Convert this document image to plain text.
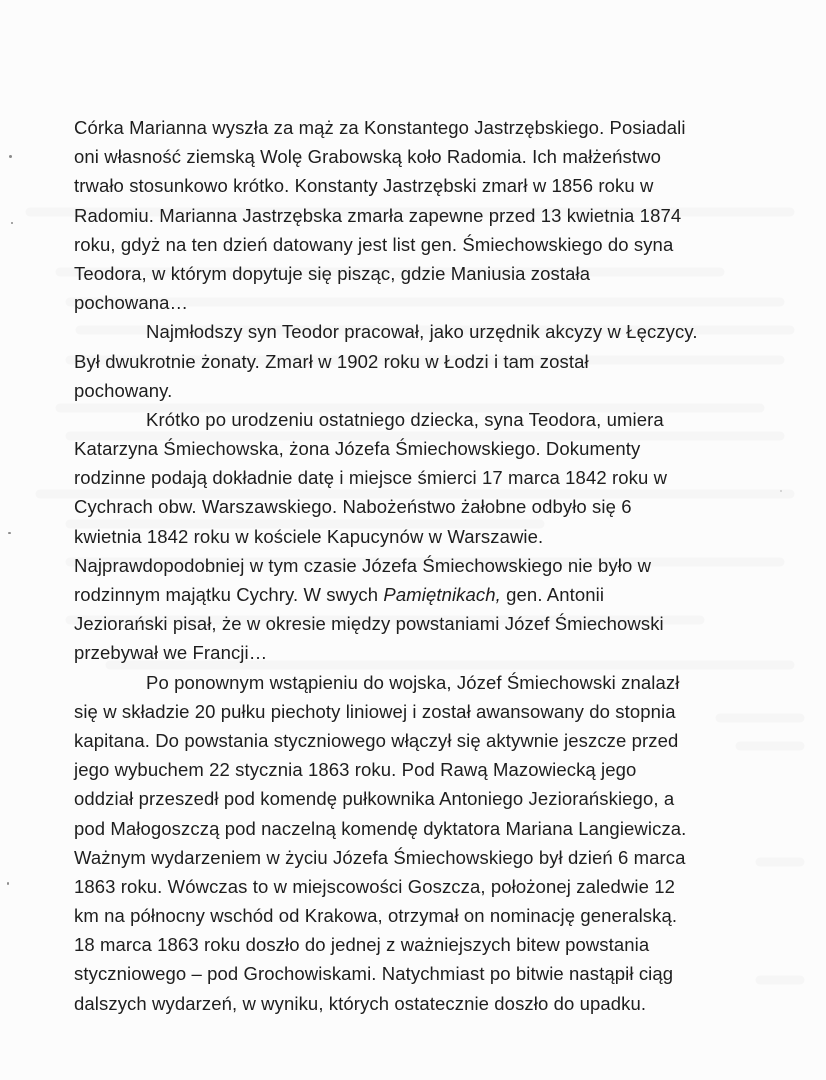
Córka Marianna wyszła za mąż za Konstantego Jastrzębskiego. Posiadali
oni własność ziemską Wolę Grabowską koło Radomia. Ich małżeństwo
trwało stosunkowo krótko. Konstanty Jastrzębski zmarł w 1856 roku w
Radomiu. Marianna Jastrzębska zmarła zapewne przed 13 kwietnia 1874
roku, gdyż na ten dzień datowany jest list gen. Śmiechowskiego do syna
Teodora, w którym dopytuje się pisząc, gdzie Maniusia została
pochowana…
Najmłodszy syn Teodor pracował, jako urzędnik akcyzy w Łęczycy.
Był dwukrotnie żonaty. Zmarł w 1902 roku w Łodzi i tam został
pochowany.
Krótko po urodzeniu ostatniego dziecka, syna Teodora, umiera
Katarzyna Śmiechowska, żona Józefa Śmiechowskiego. Dokumenty
rodzinne podają dokładnie datę i miejsce śmierci 17 marca 1842 roku w
Cychrach obw. Warszawskiego. Nabożeństwo żałobne odbyło się 6
kwietnia 1842 roku w kościele Kapucynów w Warszawie.
Najprawdopodobniej w tym czasie Józefa Śmiechowskiego nie było w
rodzinnym majątku Cychry. W swych Pamiętnikach, gen. Antonii
Jeziorański pisał, że w okresie między powstaniami Józef Śmiechowski
przebywał we Francji…
Po ponownym wstąpieniu do wojska, Józef Śmiechowski znalazł
się w składzie 20 pułku piechoty liniowej i został awansowany do stopnia
kapitana. Do powstania styczniowego włączył się aktywnie jeszcze przed
jego wybuchem 22 stycznia 1863 roku. Pod Rawą Mazowiecką jego
oddział przeszedł pod komendę pułkownika Antoniego Jeziorańskiego, a
pod Małogoszczą pod naczelną komendę dyktatora Mariana Langiewicza.
Ważnym wydarzeniem w życiu Józefa Śmiechowskiego był dzień 6 marca
1863 roku. Wówczas to w miejscowości Goszcza, położonej zaledwie 12
km na północny wschód od Krakowa, otrzymał on nominację generalską.
18 marca 1863 roku doszło do jednej z ważniejszych bitew powstania
styczniowego – pod Grochowiskami. Natychmiast po bitwie nastąpił ciąg
dalszych wydarzeń, w wyniku, których ostatecznie doszło do upadku.
